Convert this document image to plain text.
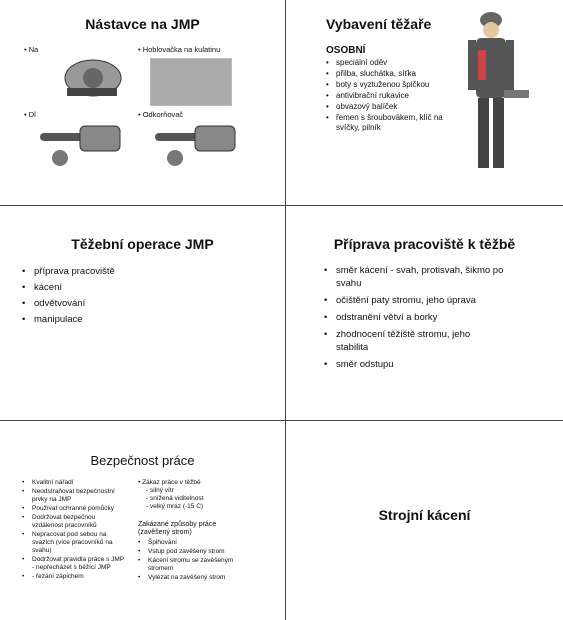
Nástavce na JMP
• Na	• Hoblovačka na kulatinu
• Dl	• Odkorňovač
Vybavení těžaře
OSOBNÍ
• speciální oděv
• přilba, sluchátka, síťka
• boty s vyztuženou špičkou
• antivibrační rukavice
• obvazový balíček
• řemen s šroubovákem, klíč na svíčky, pilník
Těžební operace JMP
• příprava pracoviště
• kácení
• odvětvování
• manipulace
Příprava pracoviště k těžbě
• směr kácení - svah, protisvah, šikmo po svahu
• očištění paty stromu, jeho úprava
• odstranění větví a borky
• zhodnocení těžiště stromu, jeho stabilita
• směr odstupu
Bezpečnost práce
• Kvalitní nářadí
• Neodstraňovat bezpečnostní prvky na JMP
• Používat ochranné pomůcky
• Dodržovat bezpečnou vzdálenost pracovníků
• Nepracovat pod sebou na svazích (více pracovníků na svahu)
• Dodržovat pravidla práce s JMP - nepřecházet s běžící JMP
• - řezání zápichem
• Zákaz práce v těžbě
- silný vítr
- snížená viditelnost
- velký mráz (-15 C)
Zakázané způsoby práce (zavěšený strom)
• Šplhování
• Vstup pod zavěšený strom
• Kácení stromu se zavěšeným stromem
• Vylézat na zavěšený strom
Strojní kácení
